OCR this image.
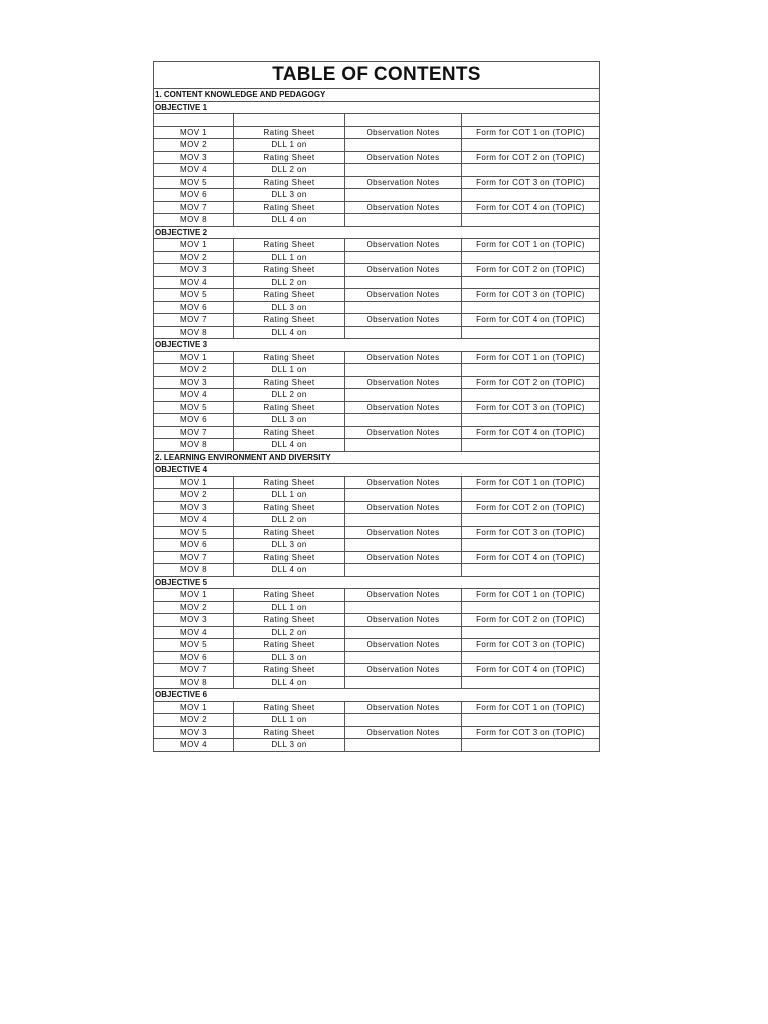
TABLE OF CONTENTS			
1. CONTENT KNOWLEDGE AND PEDAGOGY			
OBJECTIVE 1			

MOV 1	Rating Sheet	Observation Notes	Form for COT 1 on (TOPIC)
MOV 2	DLL 1 on		
MOV 3	Rating Sheet	Observation Notes	Form for COT 2 on (TOPIC)
MOV 4	DLL 2 on		
MOV 5	Rating Sheet	Observation Notes	Form for COT 3 on (TOPIC)
MOV 6	DLL 3 on		
MOV 7	Rating Sheet	Observation Notes	Form for COT 4 on (TOPIC)
MOV 8	DLL 4 on		
OBJECTIVE 2			
MOV 1	Rating Sheet	Observation Notes	Form for COT 1 on (TOPIC)
MOV 2	DLL 1 on		
MOV 3	Rating Sheet	Observation Notes	Form for COT 2 on (TOPIC)
MOV 4	DLL 2 on		
MOV 5	Rating Sheet	Observation Notes	Form for COT 3 on (TOPIC)
MOV 6	DLL 3 on		
MOV 7	Rating Sheet	Observation Notes	Form for COT 4 on (TOPIC)
MOV 8	DLL 4 on		
OBJECTIVE 3			
MOV 1	Rating Sheet	Observation Notes	Form for COT 1 on (TOPIC)
MOV 2	DLL 1 on		
MOV 3	Rating Sheet	Observation Notes	Form for COT 2 on (TOPIC)
MOV 4	DLL 2 on		
MOV 5	Rating Sheet	Observation Notes	Form for COT 3 on (TOPIC)
MOV 6	DLL 3 on		
MOV 7	Rating Sheet	Observation Notes	Form for COT 4 on (TOPIC)
MOV 8	DLL 4 on		
2. LEARNING ENVIRONMENT AND DIVERSITY			
OBJECTIVE 4			
MOV 1	Rating Sheet	Observation Notes	Form for COT 1 on (TOPIC)
MOV 2	DLL 1 on		
MOV 3	Rating Sheet	Observation Notes	Form for COT 2 on (TOPIC)
MOV 4	DLL 2 on		
MOV 5	Rating Sheet	Observation Notes	Form for COT 3 on (TOPIC)
MOV 6	DLL 3 on		
MOV 7	Rating Sheet	Observation Notes	Form for COT 4 on (TOPIC)
MOV 8	DLL 4 on		
OBJECTIVE 5			
MOV 1	Rating Sheet	Observation Notes	Form for COT 1 on (TOPIC)
MOV 2	DLL 1 on		
MOV 3	Rating Sheet	Observation Notes	Form for COT 2 on (TOPIC)
MOV 4	DLL 2 on		
MOV 5	Rating Sheet	Observation Notes	Form for COT 3 on (TOPIC)
MOV 6	DLL 3 on		
MOV 7	Rating Sheet	Observation Notes	Form for COT 4 on (TOPIC)
MOV 8	DLL 4 on		
OBJECTIVE 6			
MOV 1	Rating Sheet	Observation Notes	Form for COT 1 on (TOPIC)
MOV 2	DLL 1 on		
MOV 3	Rating Sheet	Observation Notes	Form for COT 3 on (TOPIC)
MOV 4	DLL 3 on		
